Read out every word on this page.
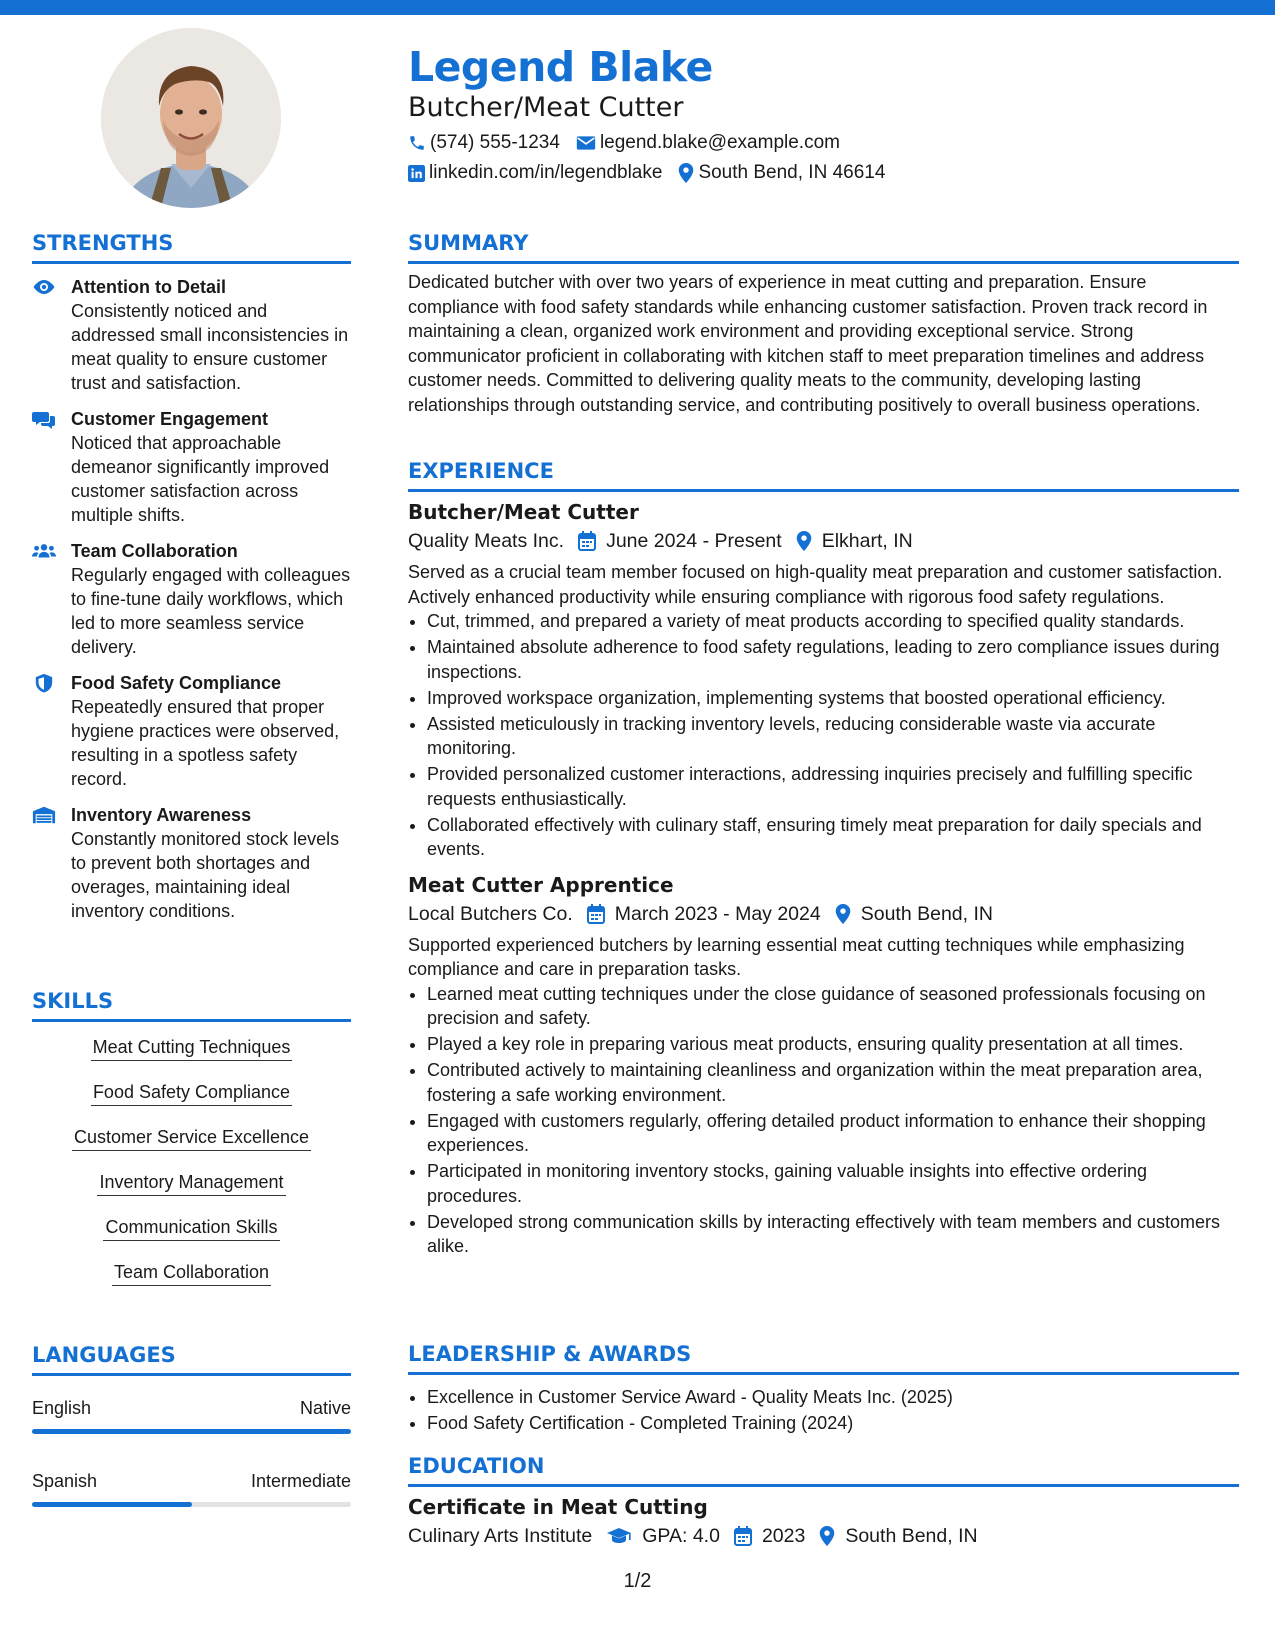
Legend Blake
Butcher/Meat Cutter
(574) 555-1234 legend.blake@example.com
linkedin.com/in/legendblake South Bend, IN 46614
STRENGTHS
Attention to Detail
Consistently noticed and addressed small inconsistencies in meat quality to ensure customer trust and satisfaction.
Customer Engagement
Noticed that approachable demeanor significantly improved customer satisfaction across multiple shifts.
Team Collaboration
Regularly engaged with colleagues to fine-tune daily workflows, which led to more seamless service delivery.
Food Safety Compliance
Repeatedly ensured that proper hygiene practices were observed, resulting in a spotless safety record.
Inventory Awareness
Constantly monitored stock levels to prevent both shortages and overages, maintaining ideal inventory conditions.
SKILLS
Meat Cutting Techniques
Food Safety Compliance
Customer Service Excellence
Inventory Management
Communication Skills
Team Collaboration
LANGUAGES
English	Native
Spanish	Intermediate
SUMMARY
Dedicated butcher with over two years of experience in meat cutting and preparation. Ensure compliance with food safety standards while enhancing customer satisfaction. Proven track record in maintaining a clean, organized work environment and providing exceptional service. Strong communicator proficient in collaborating with kitchen staff to meet preparation timelines and address customer needs. Committed to delivering quality meats to the community, developing lasting relationships through outstanding service, and contributing positively to overall business operations.
EXPERIENCE
Butcher/Meat Cutter
Quality Meats Inc. June 2024 - Present Elkhart, IN
Served as a crucial team member focused on high-quality meat preparation and customer satisfaction. Actively enhanced productivity while ensuring compliance with rigorous food safety regulations.
• Cut, trimmed, and prepared a variety of meat products according to specified quality standards.
• Maintained absolute adherence to food safety regulations, leading to zero compliance issues during inspections.
• Improved workspace organization, implementing systems that boosted operational efficiency.
• Assisted meticulously in tracking inventory levels, reducing considerable waste via accurate monitoring.
• Provided personalized customer interactions, addressing inquiries precisely and fulfilling specific requests enthusiastically.
• Collaborated effectively with culinary staff, ensuring timely meat preparation for daily specials and events.
Meat Cutter Apprentice
Local Butchers Co. March 2023 - May 2024 South Bend, IN
Supported experienced butchers by learning essential meat cutting techniques while emphasizing compliance and care in preparation tasks.
• Learned meat cutting techniques under the close guidance of seasoned professionals focusing on precision and safety.
• Played a key role in preparing various meat products, ensuring quality presentation at all times.
• Contributed actively to maintaining cleanliness and organization within the meat preparation area, fostering a safe working environment.
• Engaged with customers regularly, offering detailed product information to enhance their shopping experiences.
• Participated in monitoring inventory stocks, gaining valuable insights into effective ordering procedures.
• Developed strong communication skills by interacting effectively with team members and customers alike.
LEADERSHIP & AWARDS
• Excellence in Customer Service Award - Quality Meats Inc. (2025)
• Food Safety Certification - Completed Training (2024)
EDUCATION
Certificate in Meat Cutting
Culinary Arts Institute	GPA: 4.0 2023 South Bend, IN
1/2
